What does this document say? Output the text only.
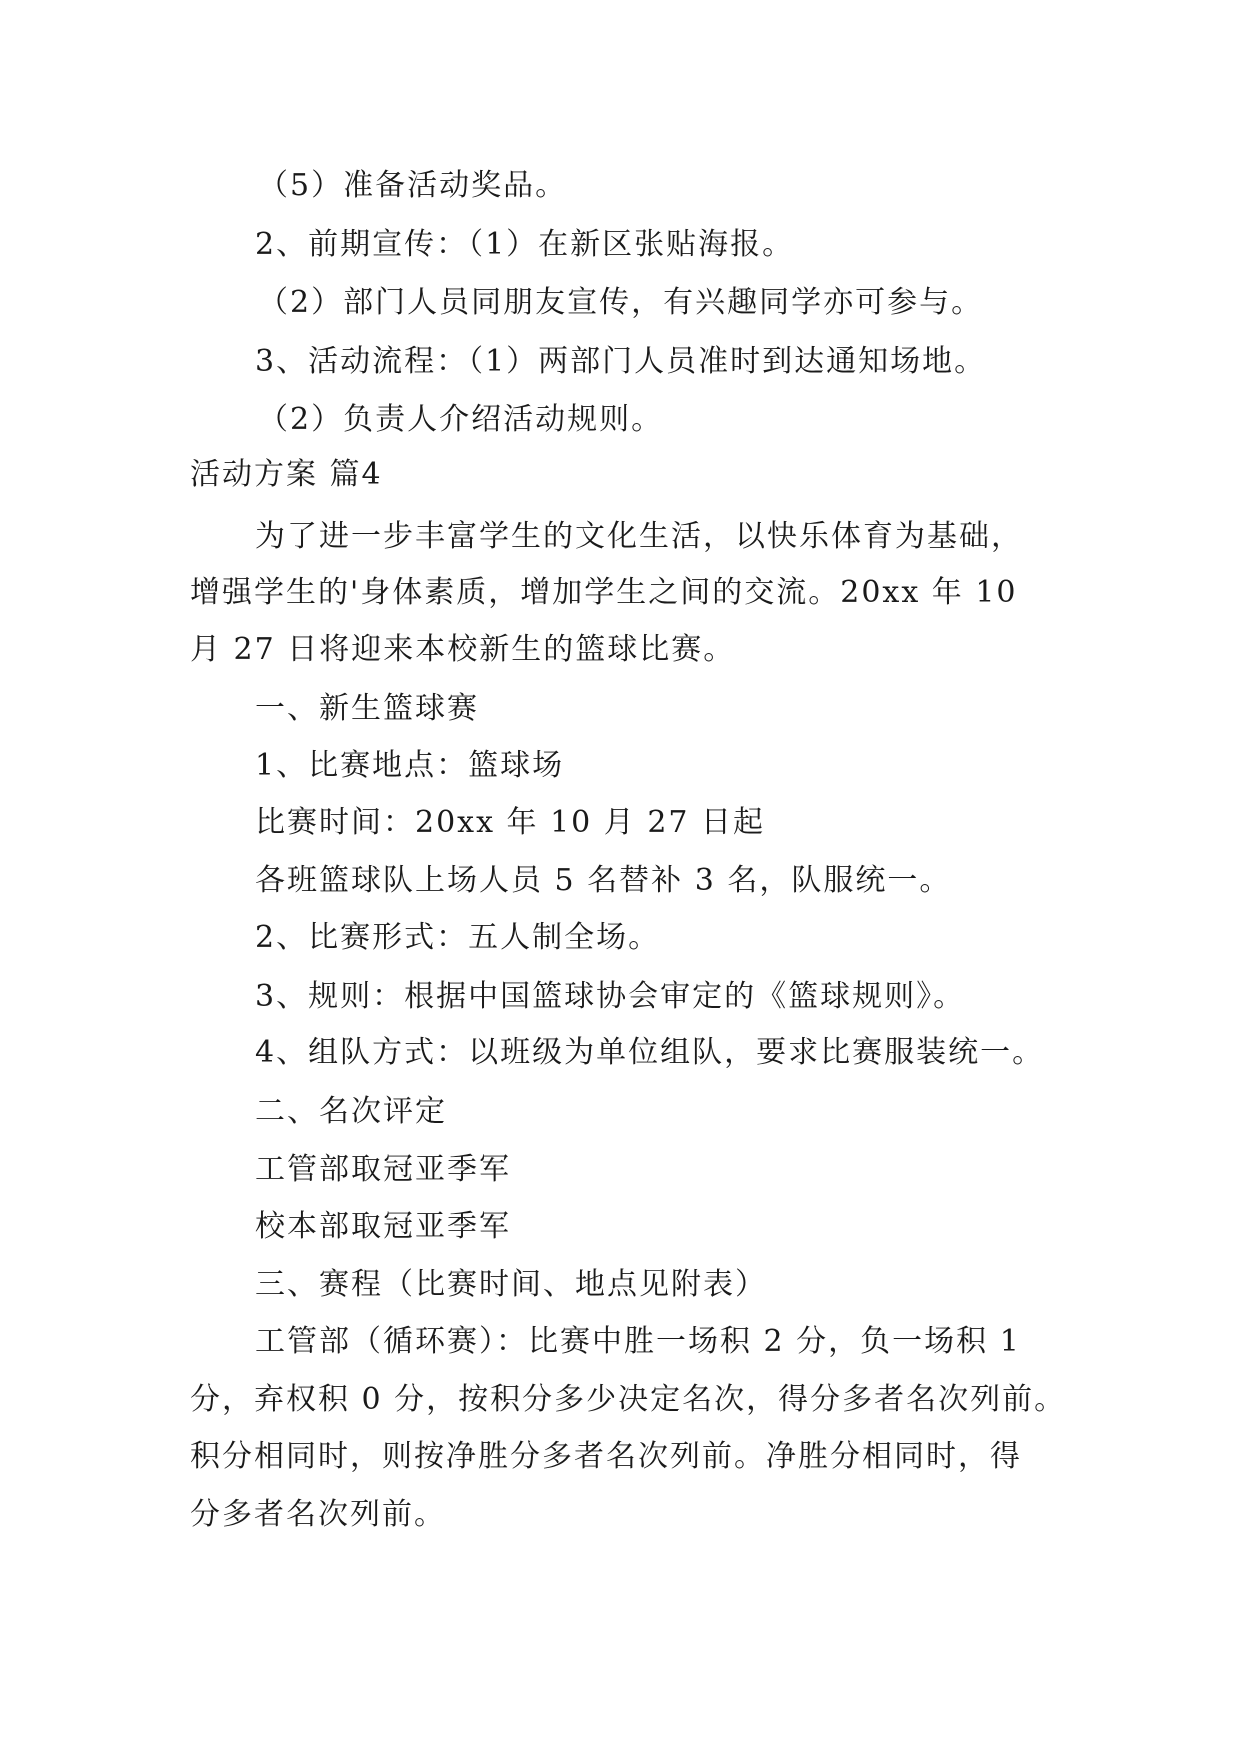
（5）准备活动奖品。
2、前期宣传：（1）在新区张贴海报。
（2）部门人员同朋友宣传，有兴趣同学亦可参与。
3、活动流程：（1）两部门人员准时到达通知场地。
（2）负责人介绍活动规则。
活动方案 篇4
为了进一步丰富学生的文化生活，以快乐体育为基础，
增强学生的'身体素质，增加学生之间的交流。20xx 年 10
月 27 日将迎来本校新生的篮球比赛。
一、新生篮球赛
1、比赛地点：篮球场
比赛时间：20xx 年 10 月 27 日起
各班篮球队上场人员 5 名替补 3 名，队服统一。
2、比赛形式：五人制全场。
3、规则：根据中国篮球协会审定的《篮球规则》。
4、组队方式：以班级为单位组队，要求比赛服装统一。
二、名次评定
工管部取冠亚季军
校本部取冠亚季军
三、赛程（比赛时间、地点见附表）
工管部（循环赛）：比赛中胜一场积 2 分，负一场积 1
分，弃权积 0 分，按积分多少决定名次，得分多者名次列前。
积分相同时，则按净胜分多者名次列前。净胜分相同时，得
分多者名次列前。
